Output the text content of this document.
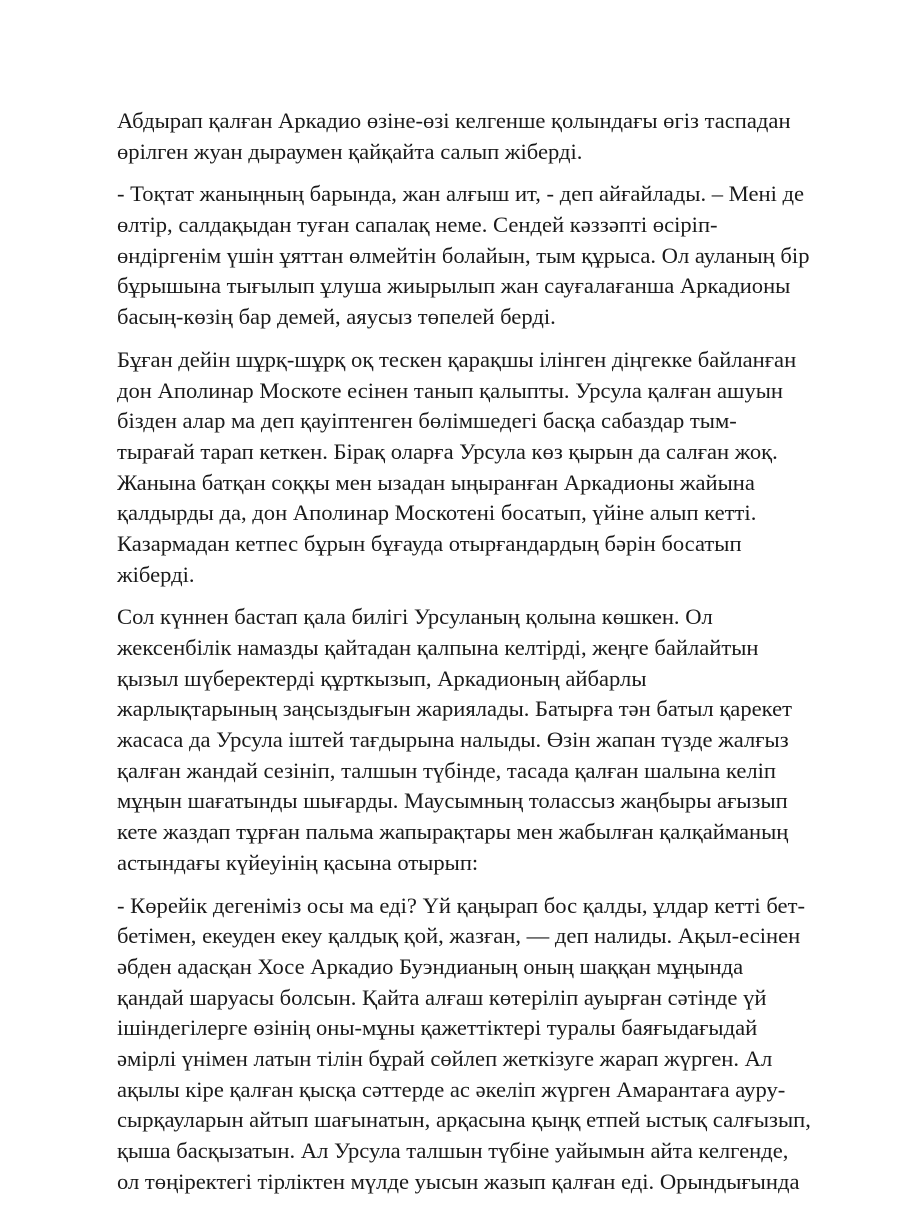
Абдырап қалған Аркадио өзіне-өзі келгенше қолындағы өгіз таспадан
өрілген жуан дыраумен қайқайта салып жіберді.
- Тоқтат жаныңның барында, жан алғыш ит, - деп айғайлады. – Мені де
өлтір, салдақыдан туған сапалақ неме. Сендей кәззәпті өсіріп-
өндіргенім үшін ұяттан өлмейтін болайын, тым құрыса. Ол ауланың бір
бұрышына тығылып ұлуша жиырылып жан сауғалағанша Аркадионы
басың-көзің бар демей, аяусыз төпелей берді.
Бұған дейін шұрқ-шұрқ оқ тескен қарақшы ілінген діңгекке байланған
дон Аполинар Москоте есінен танып қалыпты. Урсула қалған ашуын
бізден алар ма деп қауіптенген бөлімшедегі басқа сабаздар тым-
тырағай тарап кеткен. Бірақ оларға Урсула көз қырын да салған жоқ.
Жанына батқан соққы мен ызадан ыңыранған Аркадионы жайына
қалдырды да, дон Аполинар Москотені босатып, үйіне алып кетті.
Казармадан кетпес бұрын бұғауда отырғандардың бәрін босатып
жіберді.
Сол күннен бастап қала билігі Урсуланың қолына көшкен. Ол
жексенбілік намазды қайтадан қалпына келтірді, жеңге байлайтын
қызыл шүберектерді құрткызып, Аркадионың айбарлы
жарлықтарының заңсыздығын жариялады. Батырға тән батыл қарекет
жасаса да Урсула іштей тағдырына налыды. Өзін жапан түзде жалғыз
қалған жандай сезініп, талшын түбінде, тасада қалған шалына келіп
мұңын шағатынды шығарды. Маусымның толассыз жаңбыры ағызып
кете жаздап тұрған пальма жапырақтары мен жабылған қалқайманың
астындағы күйеуінің қасына отырып:
- Көрейік дегеніміз осы ма еді? Үй қаңырап бос қалды, ұлдар кетті бет-
бетімен, екеуден екеу қалдық қой, жазған, — деп налиды. Ақыл-есінен
әбден адасқан Хосе Аркадио Буэндианың оның шаққан мұңында
қандай шаруасы болсын. Қайта алғаш көтеріліп ауырған сәтінде үй
ішіндегілерге өзінің оны-мұны қажеттіктері туралы баяғыдағыдай
әмірлі үнімен латын тілін бұрай сөйлеп жеткізуге жарап жүрген. Ал
ақылы кіре қалған қысқа сәттерде ас әкеліп жүрген Амарантаға ауру-
сырқауларын айтып шағынатын, арқасына қыңқ етпей ыстық салғызып,
қыша басқызатын. Ал Урсула талшын түбіне уайымын айта келгенде,
ол төңіректегі тірліктен мүлде уысын жазып қалған еді. Орындығында
